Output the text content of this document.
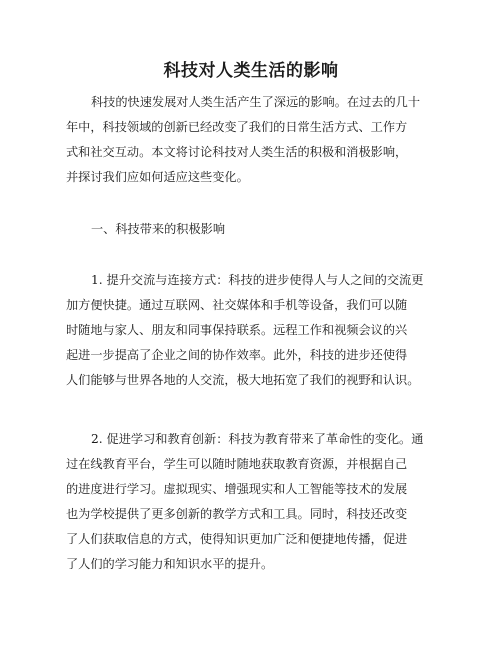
科技对人类生活的影响
科技的快速发展对人类生活产生了深远的影响。在过去的几十
年中，科技领域的创新已经改变了我们的日常生活方式、工作方
式和社交互动。本文将讨论科技对人类生活的积极和消极影响，
并探讨我们应如何适应这些变化。
一、科技带来的积极影响
1. 提升交流与连接方式：科技的进步使得人与人之间的交流更
加方便快捷。通过互联网、社交媒体和手机等设备，我们可以随
时随地与家人、朋友和同事保持联系。远程工作和视频会议的兴
起进一步提高了企业之间的协作效率。此外，科技的进步还使得
人们能够与世界各地的人交流，极大地拓宽了我们的视野和认识。
2. 促进学习和教育创新：科技为教育带来了革命性的变化。通
过在线教育平台，学生可以随时随地获取教育资源，并根据自己
的进度进行学习。虚拟现实、增强现实和人工智能等技术的发展
也为学校提供了更多创新的教学方式和工具。同时，科技还改变
了人们获取信息的方式，使得知识更加广泛和便捷地传播，促进
了人们的学习能力和知识水平的提升。
